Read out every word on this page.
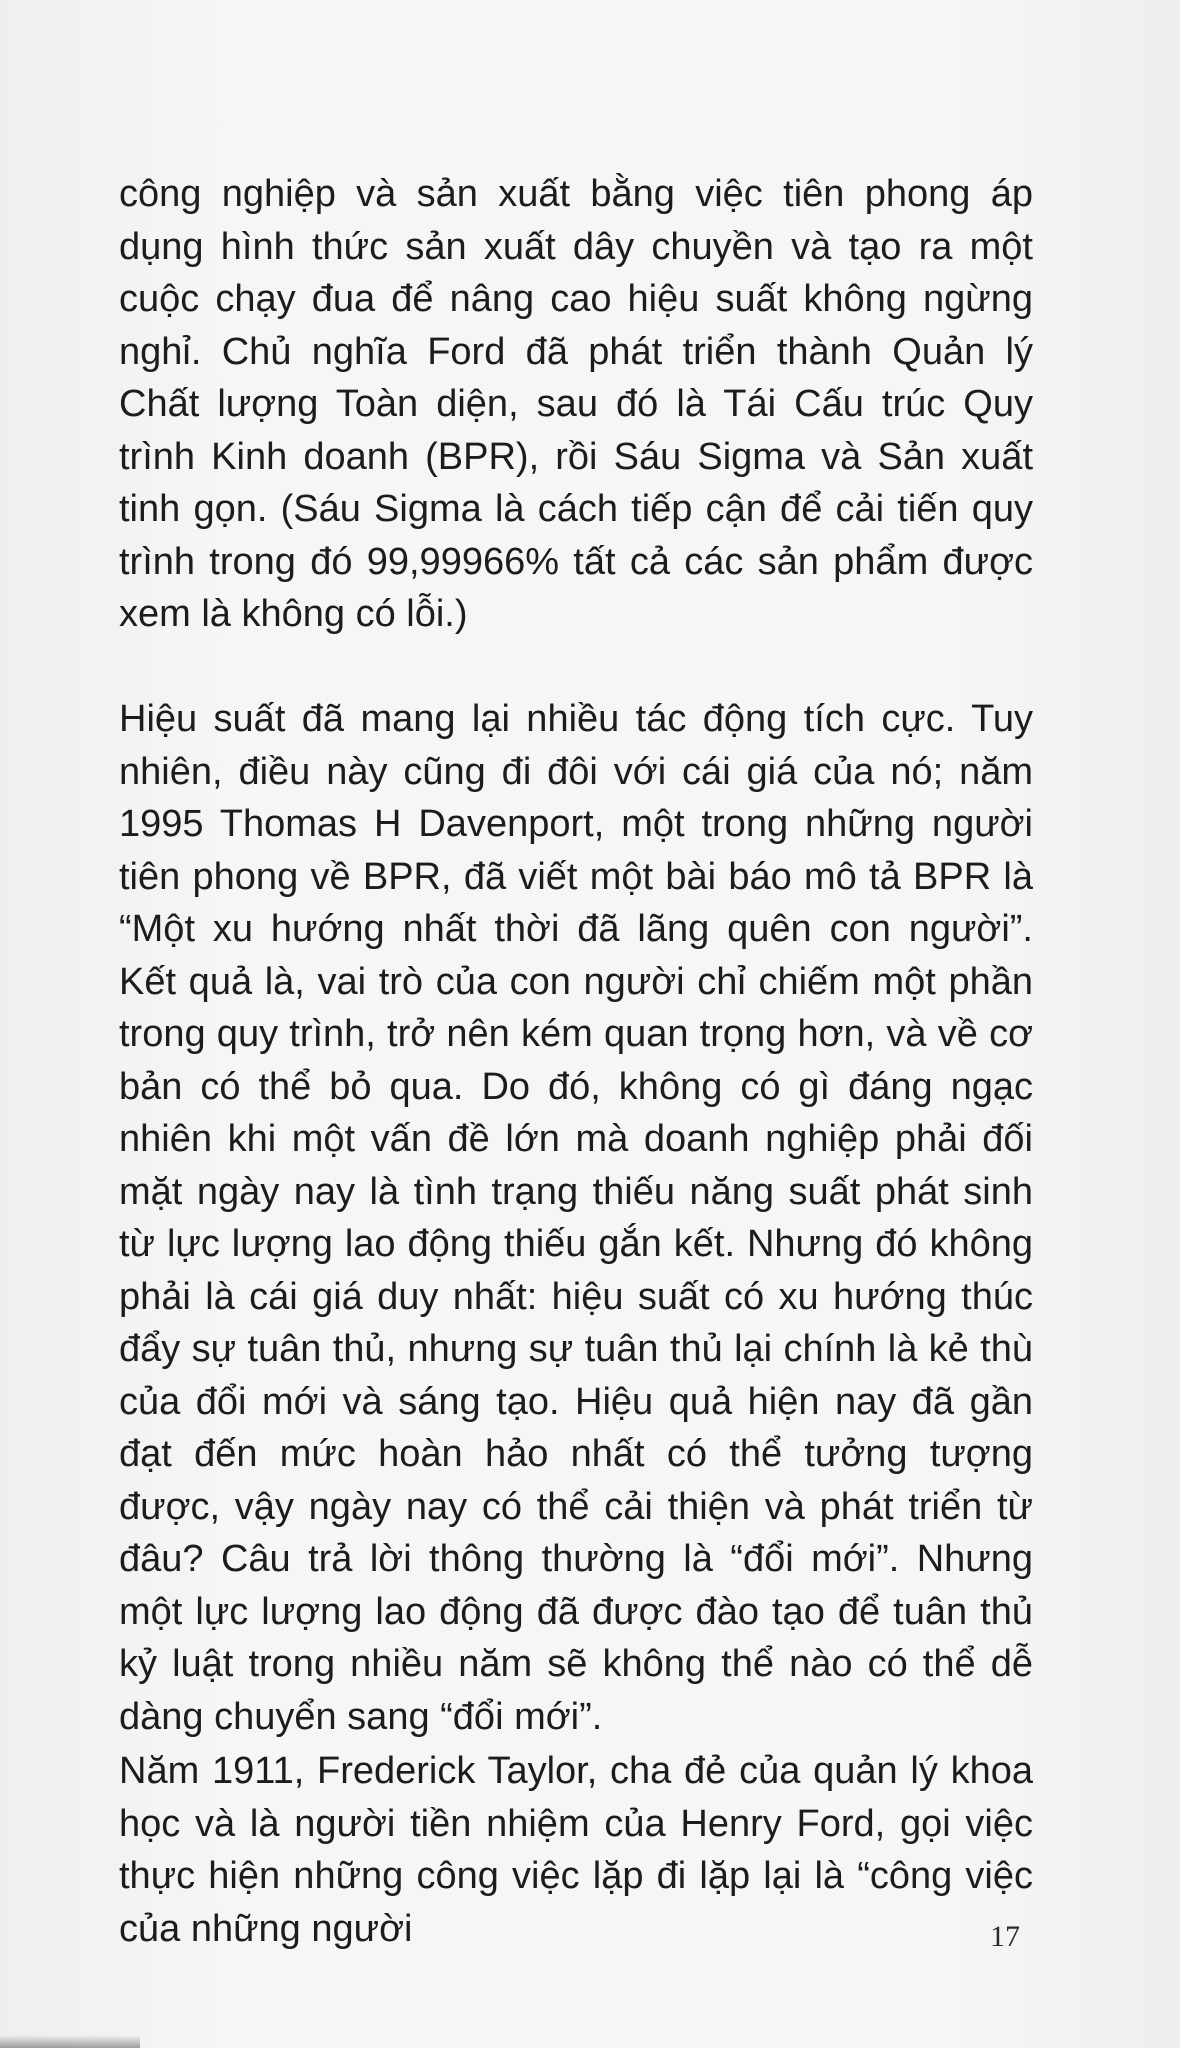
công nghiệp và sản xuất bằng việc tiên phong áp dụng hình thức sản xuất dây chuyền và tạo ra một cuộc chạy đua để nâng cao hiệu suất không ngừng nghỉ. Chủ nghĩa Ford đã phát triển thành Quản lý Chất lượng Toàn diện, sau đó là Tái Cấu trúc Quy trình Kinh doanh (BPR), rồi Sáu Sigma và Sản xuất tinh gọn. (Sáu Sigma là cách tiếp cận để cải tiến quy trình trong đó 99,99966% tất cả các sản phẩm được xem là không có lỗi.)

Hiệu suất đã mang lại nhiều tác động tích cực. Tuy nhiên, điều này cũng đi đôi với cái giá của nó; năm 1995 Thomas H Davenport, một trong những người tiên phong về BPR, đã viết một bài báo mô tả BPR là “Một xu hướng nhất thời đã lãng quên con người”. Kết quả là, vai trò của con người chỉ chiếm một phần trong quy trình, trở nên kém quan trọng hơn, và về cơ bản có thể bỏ qua. Do đó, không có gì đáng ngạc nhiên khi một vấn đề lớn mà doanh nghiệp phải đối mặt ngày nay là tình trạng thiếu năng suất phát sinh từ lực lượng lao động thiếu gắn kết. Nhưng đó không phải là cái giá duy nhất: hiệu suất có xu hướng thúc đẩy sự tuân thủ, nhưng sự tuân thủ lại chính là kẻ thù của đổi mới và sáng tạo. Hiệu quả hiện nay đã gần đạt đến mức hoàn hảo nhất có thể tưởng tượng được, vậy ngày nay có thể cải thiện và phát triển từ đâu? Câu trả lời thông thường là “đổi mới”. Nhưng một lực lượng lao động đã được đào tạo để tuân thủ kỷ luật trong nhiều năm sẽ không thể nào có thể dễ dàng chuyển sang “đổi mới”.

Năm 1911, Frederick Taylor, cha đẻ của quản lý khoa học và là người tiền nhiệm của Henry Ford, gọi việc thực hiện những công việc lặp đi lặp lại là “công việc của những người	17
